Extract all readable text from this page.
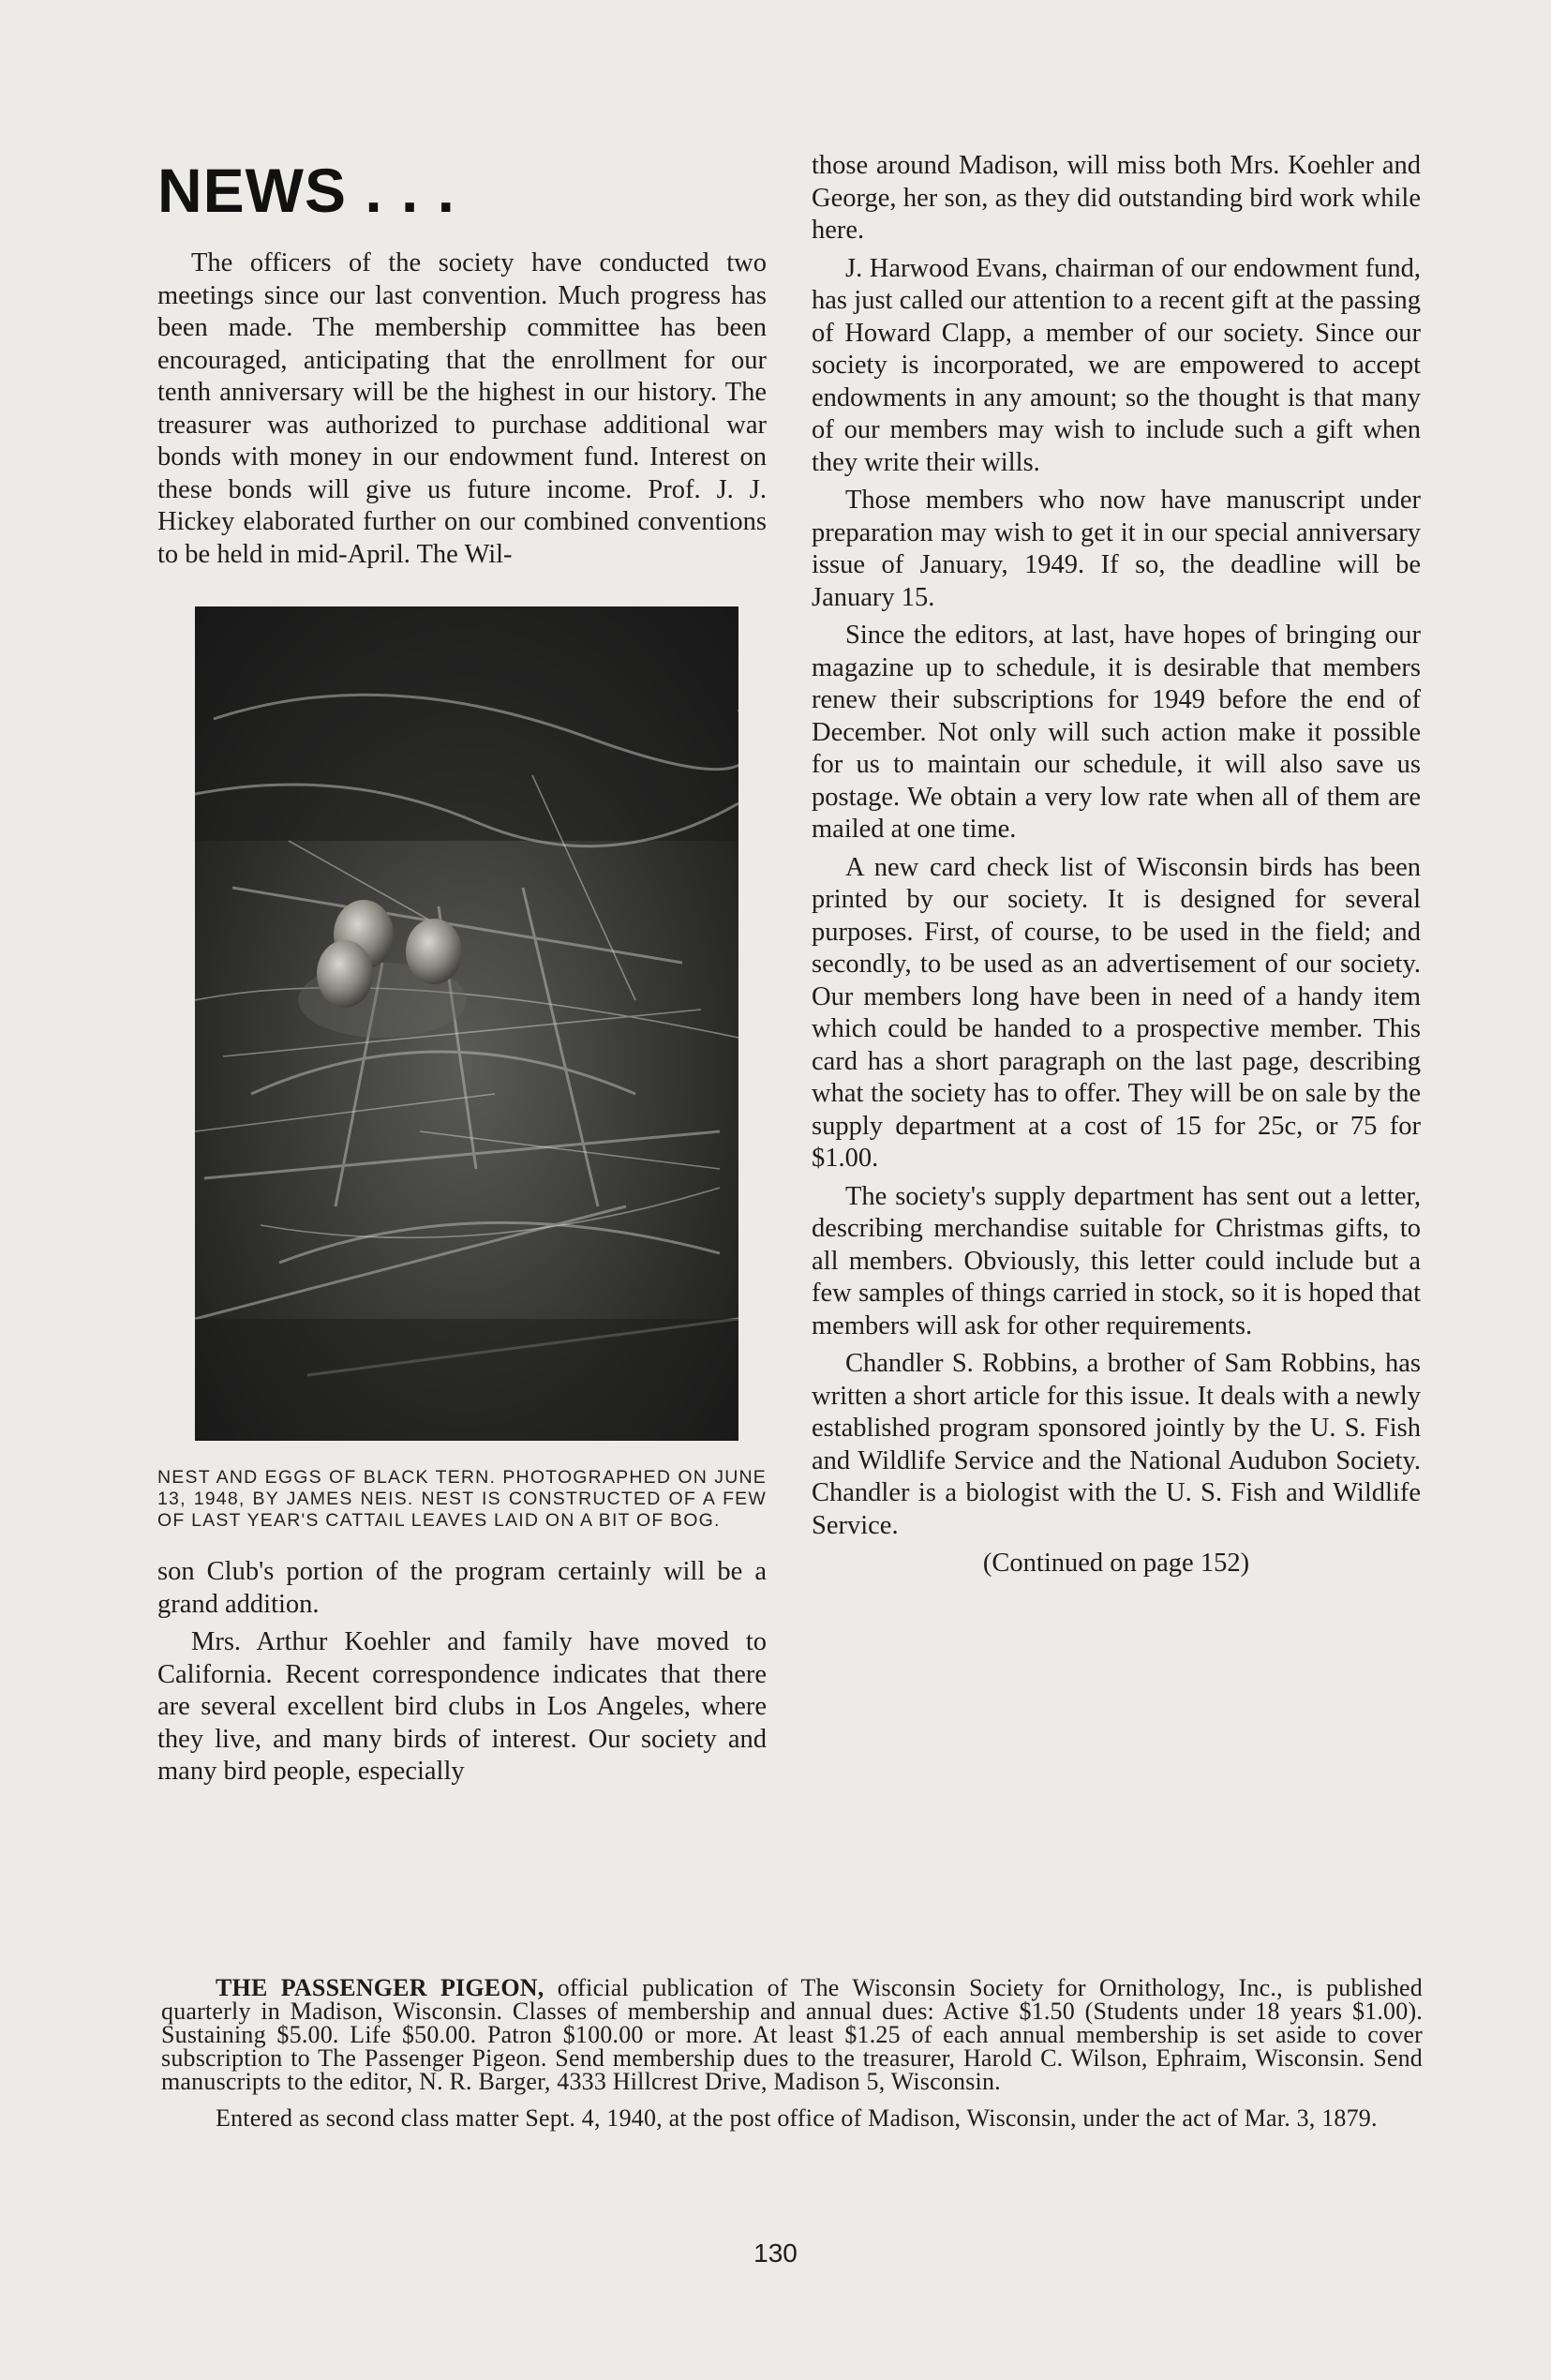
NEWS . . .

The officers of the society have conducted two meetings since our last convention. Much progress has been made. The membership committee has been encouraged, anticipating that the enrollment for our tenth anniversary will be the highest in our history. The treasurer was authorized to purchase additional war bonds with money in our endowment fund. Interest on these bonds will give us future income. Prof. J. J. Hickey elaborated further on our combined conventions to be held in mid-April. The Wil-

NEST AND EGGS OF BLACK TERN. PHOTOGRAPHED ON JUNE 13, 1948, BY JAMES NEIS. NEST IS CONSTRUCTED OF A FEW OF LAST YEAR'S CATTAIL LEAVES LAID ON A BIT OF BOG.

son Club's portion of the program certainly will be a grand addition.

Mrs. Arthur Koehler and family have moved to California. Recent correspondence indicates that there are several excellent bird clubs in Los Angeles, where they live, and many birds of interest. Our society and many bird people, especially

those around Madison, will miss both Mrs. Koehler and George, her son, as they did outstanding bird work while here.

J. Harwood Evans, chairman of our endowment fund, has just called our attention to a recent gift at the passing of Howard Clapp, a member of our society. Since our society is incorporated, we are empowered to accept endowments in any amount; so the thought is that many of our members may wish to include such a gift when they write their wills.

Those members who now have manuscript under preparation may wish to get it in our special anniversary issue of January, 1949. If so, the deadline will be January 15.

Since the editors, at last, have hopes of bringing our magazine up to schedule, it is desirable that members renew their subscriptions for 1949 before the end of December. Not only will such action make it possible for us to maintain our schedule, it will also save us postage. We obtain a very low rate when all of them are mailed at one time.

A new card check list of Wisconsin birds has been printed by our society. It is designed for several purposes. First, of course, to be used in the field; and secondly, to be used as an advertisement of our society. Our members long have been in need of a handy item which could be handed to a prospective member. This card has a short paragraph on the last page, describing what the society has to offer. They will be on sale by the supply department at a cost of 15 for 25c, or 75 for $1.00.

The society's supply department has sent out a letter, describing merchandise suitable for Christmas gifts, to all members. Obviously, this letter could include but a few samples of things carried in stock, so it is hoped that members will ask for other requirements.

Chandler S. Robbins, a brother of Sam Robbins, has written a short article for this issue. It deals with a newly established program sponsored jointly by the U. S. Fish and Wildlife Service and the National Audubon Society. Chandler is a biologist with the U. S. Fish and Wildlife Service.

(Continued on page 152)

THE PASSENGER PIGEON, official publication of The Wisconsin Society for Ornithology, Inc., is published quarterly in Madison, Wisconsin. Classes of membership and annual dues: Active $1.50 (Students under 18 years $1.00). Sustaining $5.00. Life $50.00. Patron $100.00 or more. At least $1.25 of each annual membership is set aside to cover subscription to The Passenger Pigeon. Send membership dues to the treasurer, Harold C. Wilson, Ephraim, Wisconsin. Send manuscripts to the editor, N. R. Barger, 4333 Hillcrest Drive, Madison 5, Wisconsin.

Entered as second class matter Sept. 4, 1940, at the post office of Madison, Wisconsin, under the act of Mar. 3, 1879.

130
